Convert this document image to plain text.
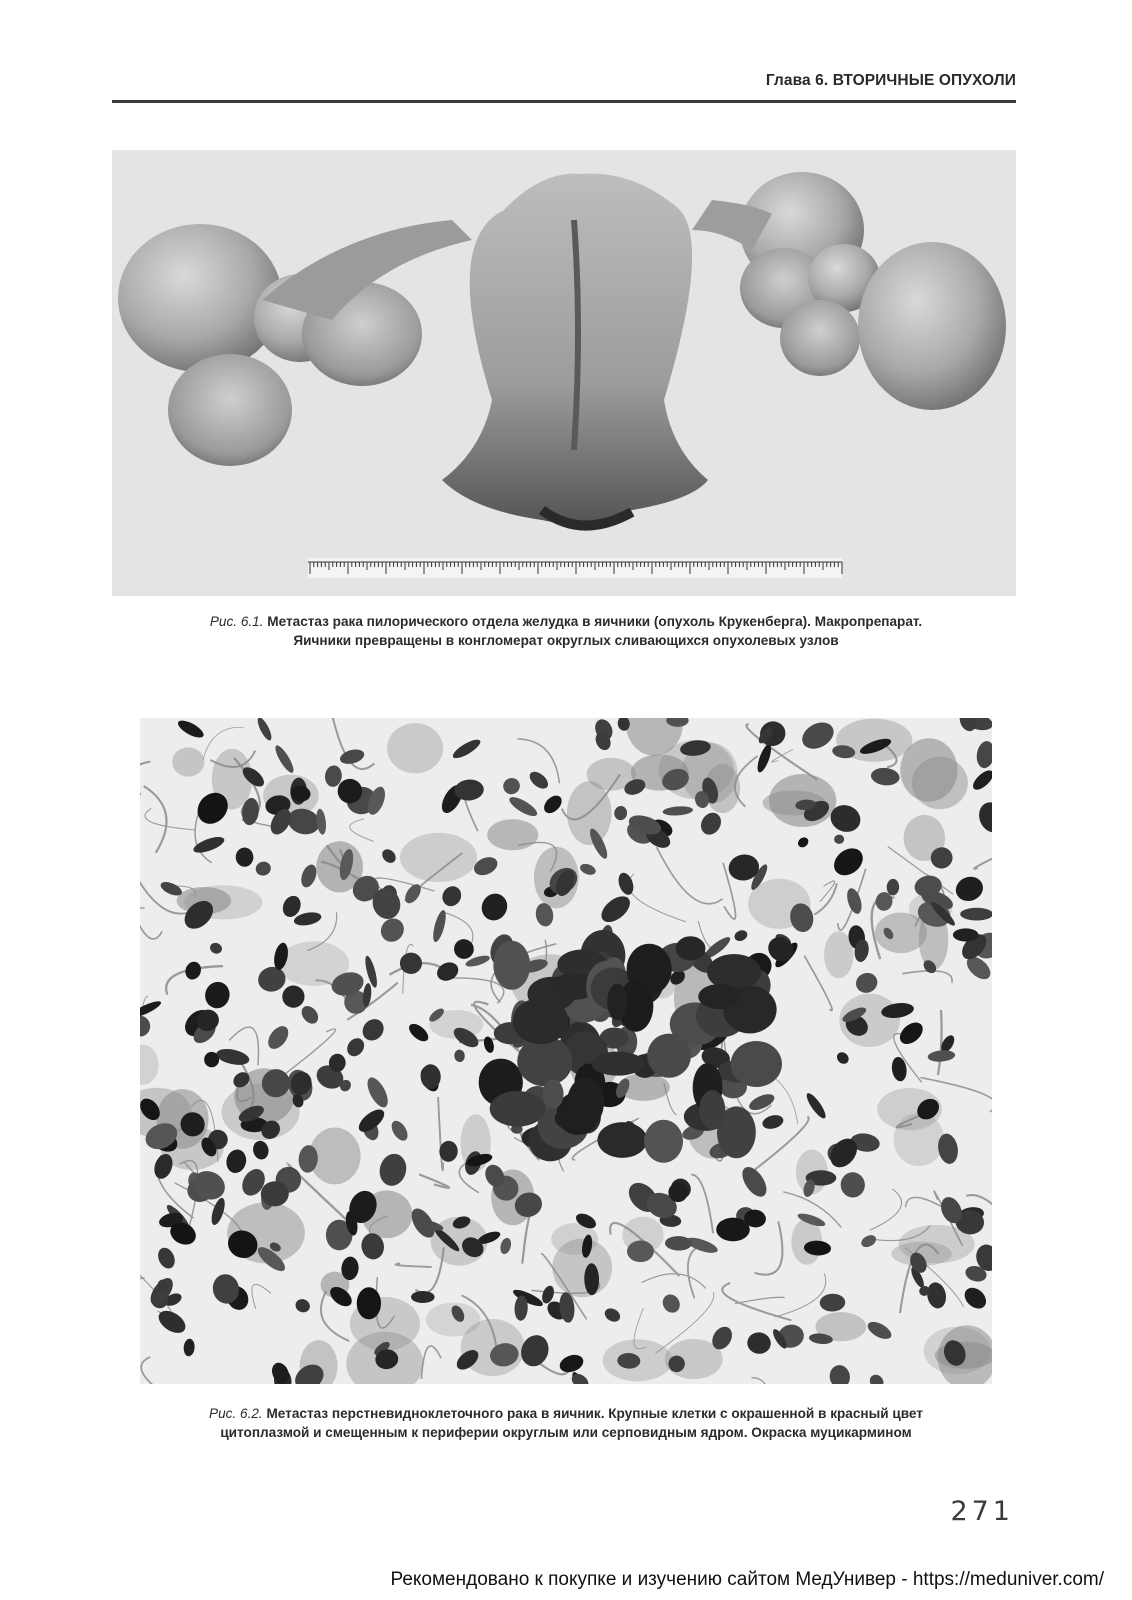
Глава 6. ВТОРИЧНЫЕ ОПУХОЛИ
Рис. 6.1. Метастаз рака пилорического отдела желудка в яичники (опухоль Крукенберга). Макропрепарат. Яичники превращены в конгломерат округлых сливающихся опухолевых узлов
Рис. 6.2. Метастаз перстневидноклеточного рака в яичник. Крупные клетки с окрашенной в красный цвет цитоплазмой и смещенным к периферии округлым или серповидным ядром. Окраска муцикармином
271
Рекомендовано к покупке и изучению сайтом МедУнивер - https://meduniver.com/
